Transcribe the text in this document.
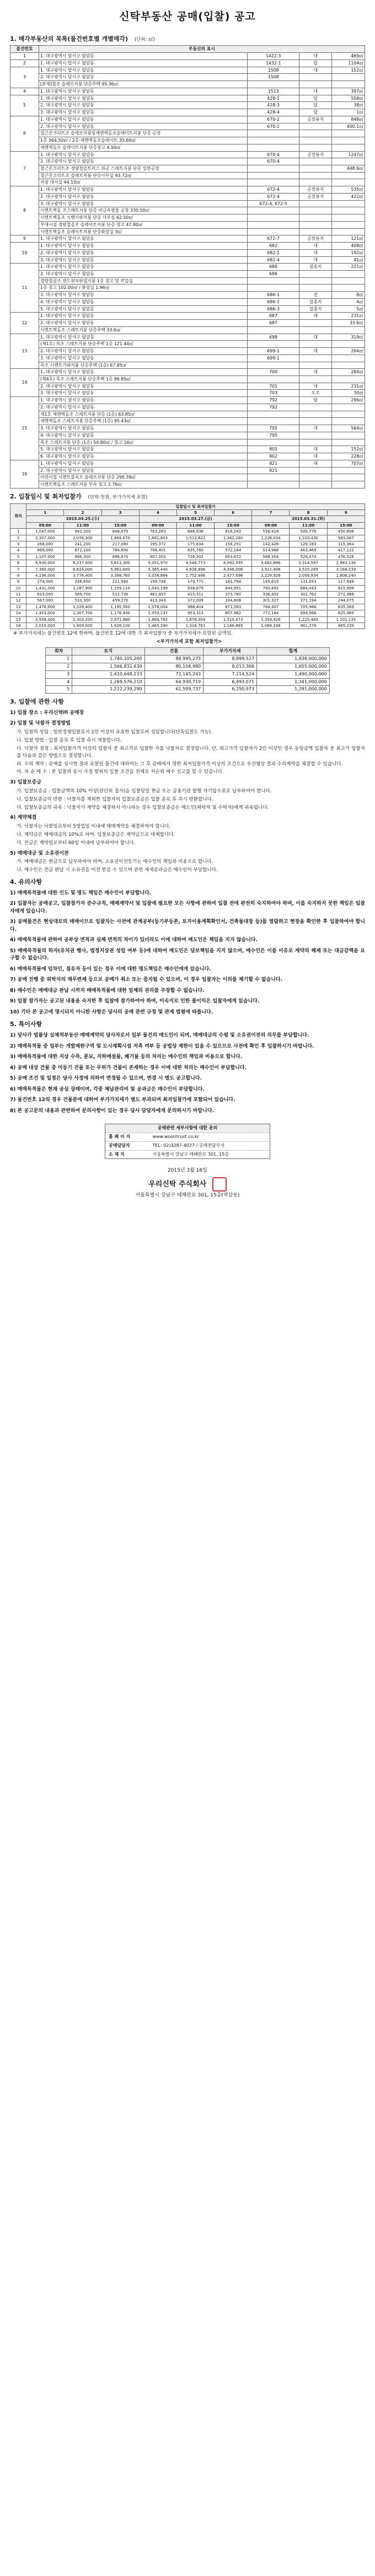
신탁부동산 공매(입찰) 공고
1. 매각부동산의 목록(물건번호별 개별매각) (단위: ㎡)
물건번호	부동산의 표시			
1	1. 대구광역시 달서구 월암동	1422-3	대	469㎡
2	1. 대구광역시 달서구 월암동	1432-1	답	1104㎡
3	1. 대구광역시 달서구 월암동	1508	대	152㎡
	2. 대구광역시 달서구 월암동	1508		
	[본채]철조 슬래브지붕 단층주택 95.36㎡			
4	1. 대구광역시 달서구 월암동	1513	대	397㎡
5	1. 대구광역시 달서구 월암동	428-1	답	558㎡
	2. 대구광역시 달서구 월암동	428-3	답	38㎡
	3. 대구광역시 달서구 월암동	428-4	답	1㎡
6	1. 대구광역시 달서구 월암동	670-2	공장용지	848㎡
	2. 대구광역시 달서구 월암동	670-2		400.1㎡
	철근콘크리트조 슬래브지붕및세멘벽돌조슬레이트지붕 단층 공장			
	1층 364.50㎡ / 2층 세멘벽돌조슬레이트 35.60㎡			
	세멘벽돌조 슬레이트지붕 단층창고 4.50㎡			
7	1. 대구광역시 달서구 월암동	670-4	공장용지	1247㎡
	2. 대구광역시 달서구 월암동	670-4		
	철근콘크리트조 경량철골트러스 위공 스레트지붕 단층 일반공장			448.6㎡
	철근콘크리트조 슬래브지붕 단층사무실 93.72㎡			
	지장 대지실 44.10㎡			
8	1. 대구광역시 달서구 월암동	672-4	공장용지	535㎡
	2. 대구광역시 달서구 월암동	672-4	공장용지	422㎡
	3. 대구광역시 달서구 월암동	672-4, 672-5		
	시멘트벽돌 조스레트지붕 단층 비금속광물 공장 330.50㎡			
	시멘트벽돌조 시멘기와지붕 단층 사무실 62.50㎡			
	부대시설 경량철골조 슬레이트지붕 단층 창고 47.80㎡			
	시멘트벽돌조 슬레이트지붕 단층화장실 3㎡			
9	1. 대구광역시 달서구 월암동	672-7	공장용지	121㎡
10	1. 대구광역시 달서구 월암동	682	대	408㎡
	2. 대구광역시 달서구 월암동	682-1	대	192㎡
	3. 대구광역시 달서구 월암동	682-4	대	41㎡
11	1. 대구광역시 달서구 월암동	686	잡종지	221㎡
	2. 대구광역시 달서구 월암동	686		
	경량철골조 샌드위치판넬지붕 1층 창고 및 작업실			
	1층 창고 102.00㎡ / 화장실 1.96㎡			
	3. 대구광역시 달서구 월암동	686-1	전	8㎡
	4. 대구광역시 달서구 월암동	686-2	잡종지	4㎡
	5. 대구광역시 달서구 월암동	686-3	잡종지	5㎡
12	1. 대구광역시 달서구 월암동	687	대	231㎡
	2. 대구광역시 달서구 월암동	687		33.6㎡
	시멘트벽돌조 스레트지붕 단층주택 33.6㎡			
13	1. 대구광역시 달서구 월암동	698	대	319㎡
	(제1호) 목조 스레트지붕 단층주택 1층 121.44㎡			
	2. 대구광역시 달서구 월암동	699-1	대	264㎡
	3. 대구광역시 달서구 월암동	699-1		
	목조 시멘트기와지붕 단층주택 (1층) 67.85㎡			
14	1. 대구광역시 달서구 월암동	700	대	284㎡
	(제4호) 목조 스레트지붕 단층주택 1층 86.85㎡			
	2. 대구광역시 달서구 월암동	701	대	231㎡
	3. 대구광역시 달서구 월암동	703	도로	30㎡
15	1. 대구광역시 달서구 월암동	792	답	296㎡
	2. 대구광역시 달서구 월암동	792		
	제1호 세멘벽돌조 스레트지붕 단층 (1층) 63.85㎡			
	세멘벽돌조 스레트지붕 단층주택 (1층) 95.43㎡			
	3. 대구광역시 달서구 월암동	795	대	564㎡
	4. 대구광역시 달서구 월암동	795		
	목조 스레트지붕 단층 (1층) 54.80㎡ / 창고 16㎡			
	5. 대구광역시 달서구 월암동	801	대	152㎡
	6. 대구광역시 달서구 월암동	802	대	228㎡
16	1. 대구광역시 달서구 월암동	821	대	707㎡
	2. 대구광역시 달서구 월암동	821		
	어린이집 시멘트블록조 슬래브지붕 단층 296.39㎡			
	시멘트벽돌조 스레트지붕 부속 창고 2.76㎡			
2. 입찰일시 및 최저입찰가 (단위:천원, 부가가치세 포함)
회차	입찰일시 및 최저입찰가								
	1	2	3	4	5	6	7	8	9
	2015.03.25.(수)			2015.03.27.(금)			2015.03.31.(화)		
	09:00	11:00	15:00	09:00	11:00	15:00	09:00	11:00	15:00
1	1,047,000	942,300	848,070	763,263	686,936	618,243	556,418	500,776	450,698
2	2,307,000	2,076,300	1,868,670	1,681,803	1,513,622	1,362,260	1,226,034	1,103,430	993,087
3	268,000	241,200	217,080	195,372	175,834	158,251	142,426	128,183	115,364
4	969,000	872,100	784,890	706,401	635,760	572,184	514,966	463,469	417,122
5	1,107,000	996,300	896,670	807,003	726,302	653,672	588,304	529,474	476,526
6	6,930,000	6,237,000	5,613,300	5,051,970	4,546,773	4,092,095	3,682,886	3,314,597	2,983,138
7	7,360,000	6,624,000	5,961,600	5,365,440	4,828,896	4,346,006	3,911,406	3,520,265	3,168,239
8	4,196,000	3,776,400	3,398,760	3,058,884	2,752,996	2,477,696	2,229,926	2,006,934	1,806,240
9	274,000	246,600	221,940	199,746	179,771	161,794	145,615	131,053	117,948
10	1,431,000	1,287,900	1,159,110	1,043,199	938,879	844,991	760,492	684,443	615,999
11	633,000	569,700	512,730	461,457	415,311	373,780	336,402	302,762	272,486
12	567,000	510,300	459,270	413,343	372,009	334,808	301,327	271,194	244,075
13	1,476,000	1,328,400	1,195,560	1,076,004	968,404	871,563	784,407	705,966	635,369
14	1,453,000	1,307,700	1,176,930	1,059,237	953,313	857,982	772,184	694,966	625,469
15	2,558,000	2,302,200	2,071,980	1,864,782	1,678,304	1,510,473	1,359,426	1,223,483	1,101,135
16	2,010,000	1,809,000	1,628,100	1,465,290	1,318,761	1,186,885	1,068,196	961,376	865,239
※ 부가가치세는 물건번호 12에 한하며, 물건번호 12에 대한 각 최저입찰가 중 부가가치세가 포함된 금액임.
<부가가치세 포함 최저입찰가>
회차	토지	건물	부가가치세	합계
1	1,740,105,200	88,995,273	8,899,527	1,838,000,000
2	1,566,832,630	80,104,980	8,013,366	1,655,000,000
3	1,410,648,233	72,145,243	7,214,524	1,490,000,000
4	1,269,576,210	64,930,719	6,493,071	1,341,000,000
5	1,222,239,290	62,509,737	6,250,973	1,291,000,000
3. 입찰에 관한 사항
1) 입찰 장소 : 우리신탁㈜ 공매장
2) 입찰 및 낙찰자 결정방법
가. 입찰의 성립 : 일반경쟁입찰로서 1인 이상의 유효한 입찰로써 성립합니다(단독입찰도 가능).
나. 입찰 방법 : 입찰 종료 후 입찰 즉시 개찰합니다.
다. 낙찰자 결정 : 최저입찰가격 이상의 입찰자 중 최고가로 입찰한 자를 낙찰자로 결정합니다. 단, 최고가격 입찰자가 2인 이상인 경우 동일금액 입찰자 중 최고가 입찰자를 다음과 같은 방법으로 결정합니다.
라. 수의 계약 : 공매를 실시한 결과 유찰된 물건에 대하여는 그 후 공매에서 정한 최저입찰가격 이상의 조건으로 우선협상 결과 수의계약을 체결할 수 있습니다.
마. 차 순 매 수 : 본 입찰과 동시 사정 범위의 입찰 조건을 전제로 차순위 매수 신고를 할 수 있습니다.
3) 입찰보증금
가. 입찰보증금 : 입찰금액의 10% 이상(원단위 절사)을 입찰당일 현금 또는 금융기관 발행 자기앞수표로 납부하여야 합니다.
나. 입찰보증금의 반환 : 낙찰자를 제외한 입찰자의 입찰보증금은 입찰 종료 후 즉시 반환합니다.
다. 입찰보증금의 귀속 : 낙찰자가 계약을 체결하지 아니하는 경우 입찰보증금은 매도인(위탁자 및 수탁자)에게 귀속됩니다.
4) 계약체결
가. 낙찰자는 낙찰일로부터 5영업일 이내에 매매계약을 체결하여야 합니다.
나. 계약금은 매매대금의 10%로 하며, 입찰보증금은 계약금으로 대체합니다.
다. 잔금은 계약일로부터 60일 이내에 납부하여야 합니다.
5) 매매대금 및 소유권이전
가. 매매대금은 현금으로 납부하여야 하며, 소유권이전등기는 매수인의 책임과 비용으로 합니다.
나. 매수인은 잔금 완납 시 소유권을 이전 받을 수 있으며 관련 제세공과금은 매수인이 부담합니다.
4. 유의사항
1) 매매목적물에 대한 인도 및 명도 책임은 매수인이 부담합니다.
2) 입찰자는 공매공고, 입찰참가자 준수규칙, 매매계약서 및 입찰에 필요한 모든 사항에 관하여 입찰 전에 완전히 숙지하여야 하며, 이를 숙지하지 못한 책임은 입찰자에게 있습니다.
3) 공매물건은 현상대로의 매매이므로 입찰자는 사전에 관계공부(등기부등본, 토지이용계획확인서, 건축물대장 등)를 열람하고 현장을 확인한 후 입찰하여야 합니다.
4) 매매목적물에 관하여 공부상 면적과 실제 면적의 차이가 있더라도 이에 대하여 매도인은 책임을 지지 않습니다.
5) 매매목적물의 하자(유치권 행사, 법정지상권 성립 여부 등)에 대하여 매도인은 담보책임을 지지 않으며, 매수인은 이를 이유로 계약의 해제 또는 대금감액을 요구할 수 없습니다.
6) 매매목적물에 임차인, 점유자 등이 있는 경우 이에 대한 명도책임은 매수인에게 있습니다.
7) 공매 진행 중 위탁자의 채무변제 등으로 공매가 취소 또는 중지될 수 있으며, 이 경우 입찰자는 이의를 제기할 수 없습니다.
8) 매수인은 매매대금 완납 시까지 매매목적물에 대한 일체의 권리를 주장할 수 없습니다.
9) 입찰 참가자는 공고된 내용을 숙지한 후 입찰에 참가하여야 하며, 미숙지로 인한 불이익은 입찰자에게 있습니다.
10) 기타 본 공고에 명시되지 아니한 사항은 당사의 공매 관련 규정 및 관계 법령에 따릅니다.
5. 특이사항
1) 당사가 법률상 실체적부동산 매매계약의 당사자로서 일부 물건의 매도인이 되며, 매매대금의 수령 및 소유권이전의 의무를 부담합니다.
2) 매매목적물 중 일부는 개발제한구역 및 도시계획시설 저촉 여부 등 공법상 제한이 있을 수 있으므로 사전에 확인 후 입찰하시기 바랍니다.
3) 매매목적물에 대한 지상 수목, 분묘, 지하매설물, 폐기물 등의 처리는 매수인의 책임과 비용으로 합니다.
4) 공매 대상 건물 중 미등기 건물 또는 무허가 건물이 존재하는 경우 이에 대한 처리는 매수인이 부담합니다.
5) 공매 조건 및 일정은 당사 사정에 의하여 변경될 수 있으며, 변경 시 별도 공고합니다.
6) 매매목적물은 현재 공실 상태이며, 각종 체납관리비 및 공과금은 매수인이 부담합니다.
7) 물건번호 12의 경우 건물분에 대하여 부가가치세가 별도 부과되며 최저입찰가에 포함되어 있습니다.
8) 본 공고문의 내용과 관련하여 문의사항이 있는 경우 당사 담당자에게 문의하시기 바랍니다.
공매관련 세부사항에 대한 문의	
홈 페 이 지	www.wooritrust.co.kr
공매담당자	TEL: 02)3287-4027 / 공매전담부서
소 재 지	서울특별시 강남구 테헤란로 301, 15층
2015년 3월 16일
우리신탁 주식회사
서울특별시 강남구 테헤란로 301, 15층(역삼동)
